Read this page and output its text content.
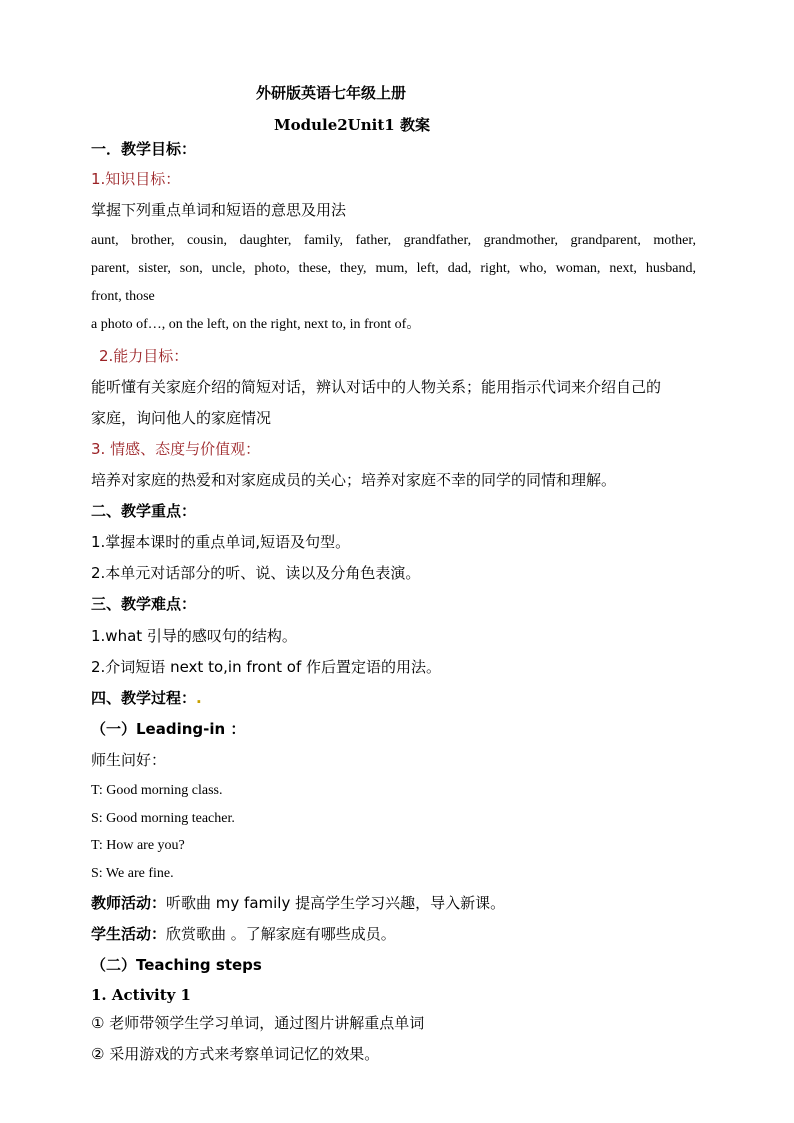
外研版英语七年级上册
Module2Unit1 教案
一．教学目标：
1.知识目标：
掌握下列重点单词和短语的意思及用法
aunt, brother, cousin, daughter, family, father, grandfather, grandmother, grandparent, mother,
parent, sister, son, uncle, photo, these, they, mum, left, dad, right, who, woman, next, husband,
front, those
a photo of…, on the left, on the right, next to, in front of。
2.能力目标：
能听懂有关家庭介绍的简短对话，辨认对话中的人物关系；能用指示代词来介绍自己的
家庭，询问他人的家庭情况
3. 情感、态度与价值观：
培养对家庭的热爱和对家庭成员的关心；培养对家庭不幸的同学的同情和理解。
二、教学重点：
1.掌握本课时的重点单词,短语及句型。
2.本单元对话部分的听、说、读以及分角色表演。
三、教学难点：
1.what 引导的感叹句的结构。
2.介词短语 next to,in front of 作后置定语的用法。
四、教学过程：.
（一）Leading-in ：
师生问好：
T: Good morning class.
S: Good morning teacher.
T: How are you?
S: We are fine.
教师活动：听歌曲 my family 提高学生学习兴趣，导入新课。
学生活动：欣赏歌曲 。了解家庭有哪些成员。
（二）Teaching steps
1. Activity 1
① 老师带领学生学习单词，通过图片讲解重点单词
② 采用游戏的方式来考察单词记忆的效果。
